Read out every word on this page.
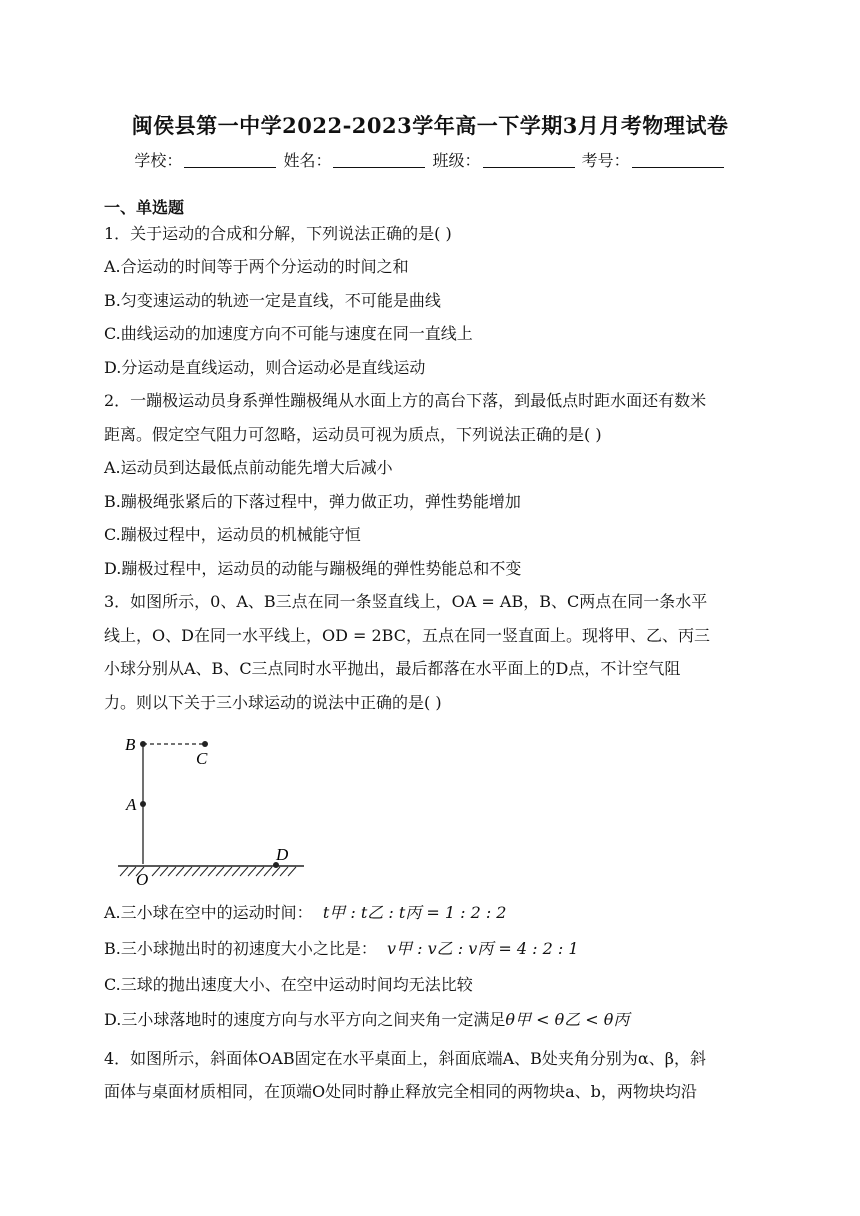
闽侯县第一中学2022-2023学年高一下学期3月月考物理试卷
学校：	姓名：	班级：	考号：
一、单选题
1．关于运动的合成和分解，下列说法正确的是( )
A.合运动的时间等于两个分运动的时间之和
B.匀变速运动的轨迹一定是直线，不可能是曲线
C.曲线运动的加速度方向不可能与速度在同一直线上
D.分运动是直线运动，则合运动必是直线运动
2．一蹦极运动员身系弹性蹦极绳从水面上方的高台下落，到最低点时距水面还有数米
距离。假定空气阻力可忽略，运动员可视为质点，下列说法正确的是( )
A.运动员到达最低点前动能先增大后减小
B.蹦极绳张紧后的下落过程中，弹力做正功，弹性势能增加
C.蹦极过程中，运动员的机械能守恒
D.蹦极过程中，运动员的动能与蹦极绳的弹性势能总和不变
3．如图所示，0、A、B三点在同一条竖直线上，OA = AB，B、C两点在同一条水平
线上，O、D在同一水平线上，OD = 2BC，五点在同一竖直面上。现将甲、乙、丙三
小球分别从A、B、C三点同时水平抛出，最后都落在水平面上的D点，不计空气阻
力。则以下关于三小球运动的说法中正确的是( )
B
C
A
O
D
A.三小球在空中的运动时间： t甲 : t乙 : t丙 = 1 : 2 : 2
B.三小球抛出时的初速度大小之比是： v甲 : v乙 : v丙 = 4 : 2 : 1
C.三球的抛出速度大小、在空中运动时间均无法比较
D.三小球落地时的速度方向与水平方向之间夹角一定满足θ甲 < θ乙 < θ丙
4．如图所示，斜面体OAB固定在水平桌面上，斜面底端A、B处夹角分别为α、β，斜
面体与桌面材质相同，在顶端O处同时静止释放完全相同的两物块a、b，两物块均沿
